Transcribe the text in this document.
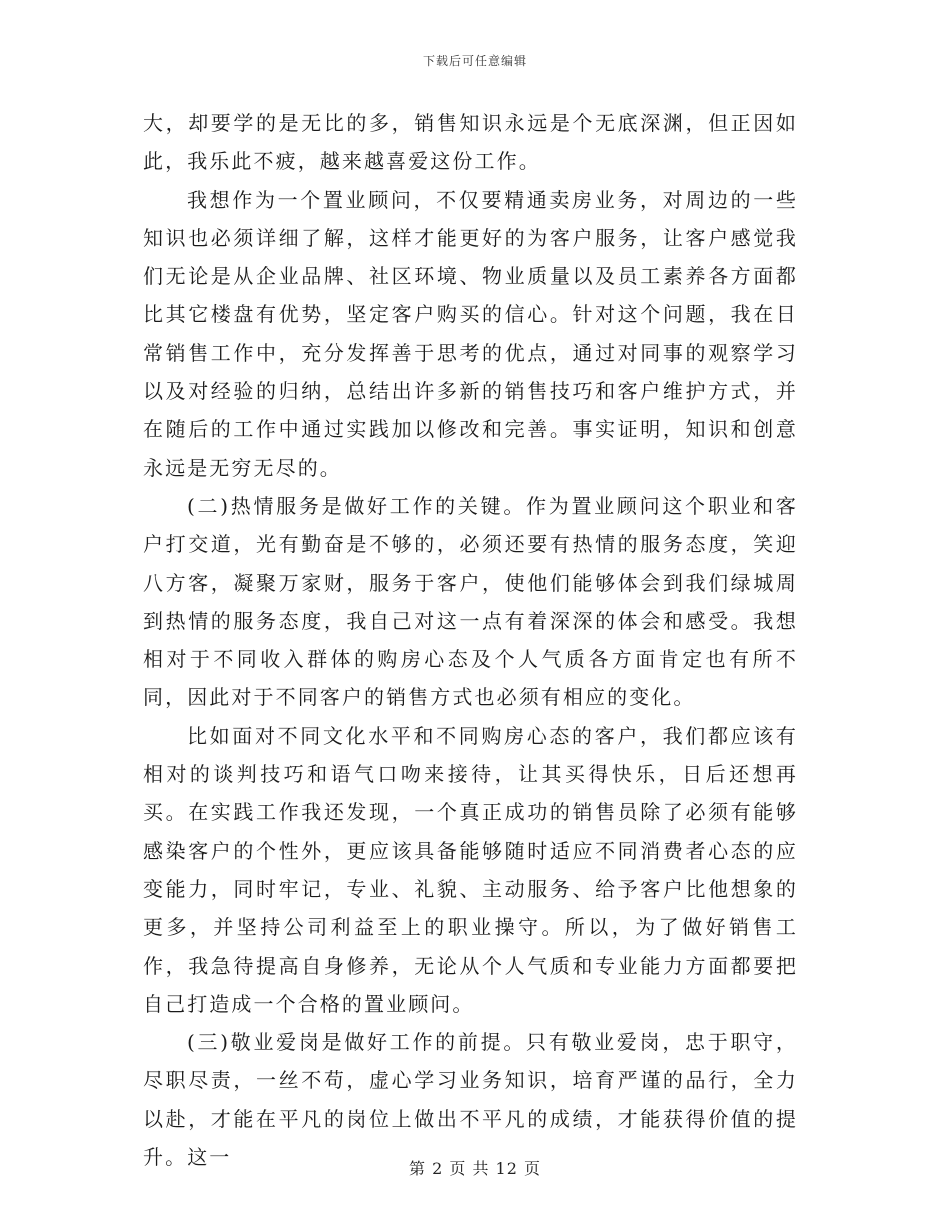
下载后可任意编辑

大，却要学的是无比的多，销售知识永远是个无底深渊，但正因如此，我乐此不疲，越来越喜爱这份工作。

我想作为一个置业顾问，不仅要精通卖房业务，对周边的一些知识也必须详细了解，这样才能更好的为客户服务，让客户感觉我们无论是从企业品牌、社区环境、物业质量以及员工素养各方面都比其它楼盘有优势，坚定客户购买的信心。针对这个问题，我在日常销售工作中，充分发挥善于思考的优点，通过对同事的观察学习以及对经验的归纳，总结出许多新的销售技巧和客户维护方式，并在随后的工作中通过实践加以修改和完善。事实证明，知识和创意永远是无穷无尽的。

(二)热情服务是做好工作的关键。作为置业顾问这个职业和客户打交道，光有勤奋是不够的，必须还要有热情的服务态度，笑迎八方客，凝聚万家财，服务于客户，使他们能够体会到我们绿城周到热情的服务态度，我自己对这一点有着深深的体会和感受。我想相对于不同收入群体的购房心态及个人气质各方面肯定也有所不同，因此对于不同客户的销售方式也必须有相应的变化。

比如面对不同文化水平和不同购房心态的客户，我们都应该有相对的谈判技巧和语气口吻来接待，让其买得快乐，日后还想再买。在实践工作我还发现，一个真正成功的销售员除了必须有能够感染客户的个性外，更应该具备能够随时适应不同消费者心态的应变能力，同时牢记，专业、礼貌、主动服务、给予客户比他想象的更多，并坚持公司利益至上的职业操守。所以，为了做好销售工作，我急待提高自身修养，无论从个人气质和专业能力方面都要把自己打造成一个合格的置业顾问。

(三)敬业爱岗是做好工作的前提。只有敬业爱岗，忠于职守，尽职尽责，一丝不苟，虚心学习业务知识，培育严谨的品行，全力以赴，才能在平凡的岗位上做出不平凡的成绩，才能获得价值的提升。这一	第 2 页 共 12 页
